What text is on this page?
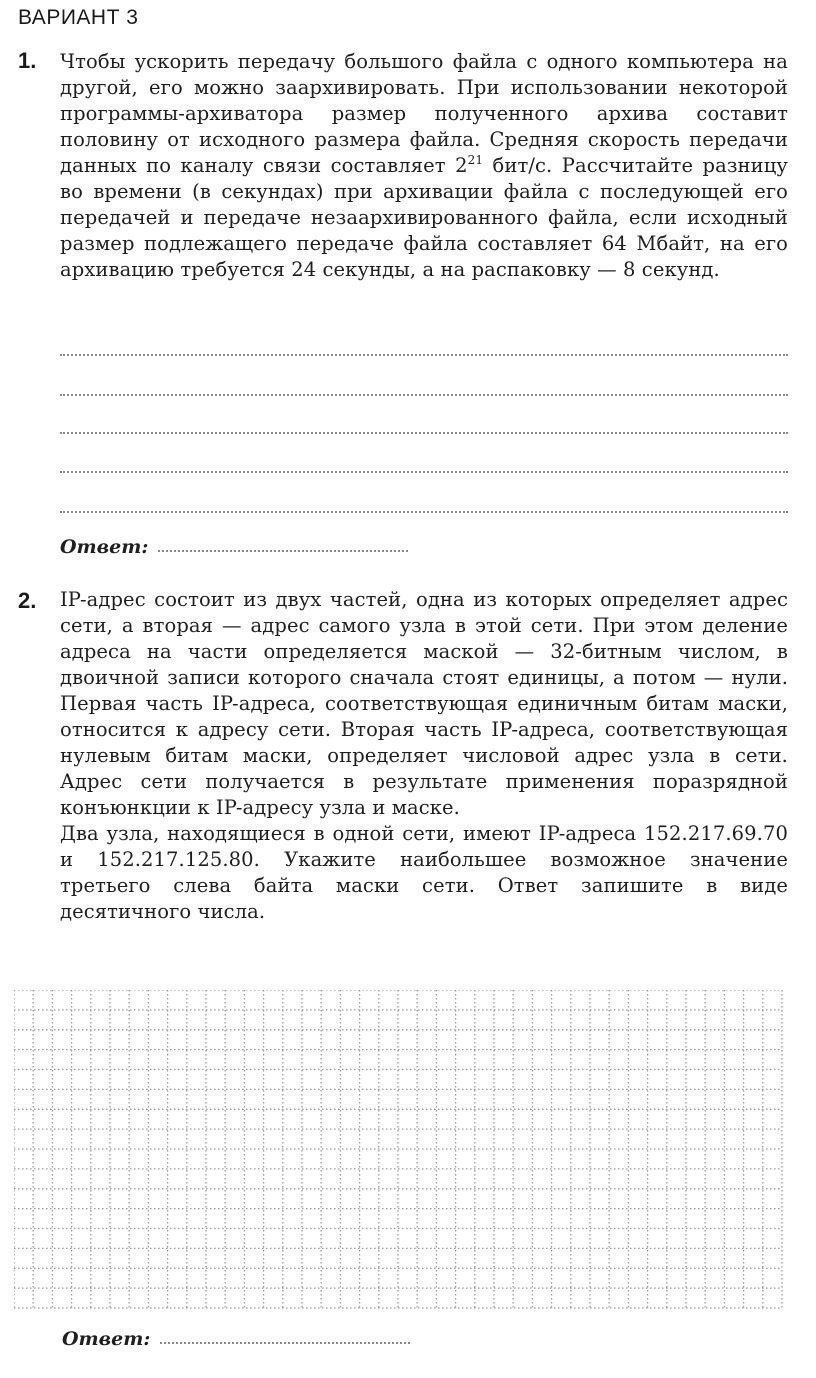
ВАРИАНТ 3
1. Чтобы ускорить передачу большого файла с одного компьютера на другой, его можно заархивировать. При использовании некоторой программы-архиватора размер полученного архива составит половину от исходного размера файла. Средняя скорость передачи данных по каналу связи составляет $2^{21}$ бит/с. Рассчитайте разницу во времени (в секундах) при архивации файла с последующей его передачей и передаче незаархивированного файла, если исходный размер подлежащего передаче файла составляет 64 Мбайт, на его архивацию требуется 24 секунды, а на распаковку — 8 секунд.

Ответ:
2. IP-адрес состоит из двух частей, одна из которых определяет адрес сети, а вторая — адрес самого узла в этой сети. При этом деление адреса на части определяется маской — 32-битным числом, в двоичной записи которого сначала стоят единицы, а потом — нули. Первая часть IP-адреса, соответствующая единичным битам маски, относится к адресу сети. Вторая часть IP-адреса, соответствующая нулевым битам маски, определяет числовой адрес узла в сети. Адрес сети получается в результате применения поразрядной конъюнкции к IP-адресу узла и маске.

Два узла, находящиеся в одной сети, имеют IP-адреса 152.217.69.70 и 152.217.125.80. Укажите наибольшее возможное значение третьего слева байта маски сети. Ответ запишите в виде десятичного числа.

Ответ:
